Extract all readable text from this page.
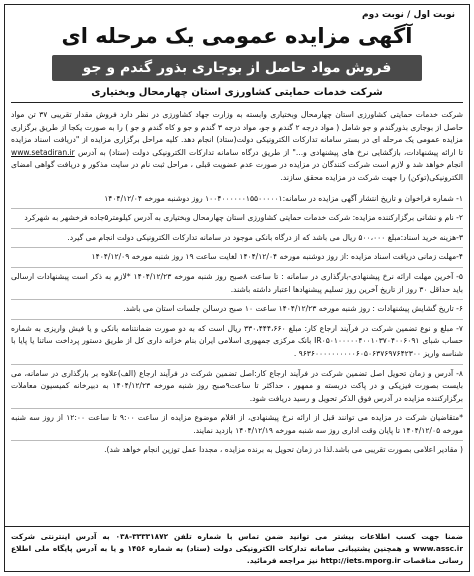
نوبت اول / نوبت دوم
آگهی مزایده عمومی یک مرحله ای
فروش مواد حاصل از بوجاری بذور گندم و جو
شرکت خدمات حمایتی کشاورزی استان چهارمحال وبختیاری
شرکت خدمات حمایتی کشاورزی استان چهارمحال وبختیاری وابسته به وزارت جهاد کشاورزی در نظر دارد فروش مقدار تقریبی ۳۷ تن مواد حاصل از بوجاری بذورگندم و جو شامل ( مواد درجه ۲ گندم و جو، مواد درجه ۳ گندم و جو و کاه گندم و جو ) را به صورت یکجا از طریق برگزاری مزایده عمومی یک مرحله ای در بستر سامانه تدارکات الکترونیکی دولت(ستاد) انجام دهد. کلیه مراحل برگزاری مزایده از "دریافت اسناد مزایده تا ارائه پیشنهادات، بازگشایی نرخ های پیشنهادی و..." از طریق درگاه سامانه تدارکات الکترونیکی دولت (ستاد) به آدرس www.setadiran.ir انجام خواهد شد و لازم است شرکت کنندگان در مزایده در صورت عدم عضویت قبلی ، مراحل ثبت نام در سایت مذکور و دریافت گواهی امضای الکترونیکی(توکن) را جهت شرکت در مزایده محقق سازند.
۱- شماره فراخوان و تاریخ انتشار آگهی مزایده در سامانه:۱۰۰۴۰۰۰۰۰۰۱۵۵۰۰۰۰۰۱ روز دوشنبه مورخه ۱۴۰۴/۱۲/۰۴
۲- نام و نشانی برگزارکننده مزایده: شرکت خدمات حمایتی کشاورزی استان چهارمحال وبختیاری به آدرس کیلومتر۵جاده فرخشهر به شهرکرد
۳-هزینه خرید اسناد:مبلغ ۵۰۰،۰۰۰ ریال می باشد که از درگاه بانکی موجود در سامانه تدارکات الکترونیکی دولت انجام می گیرد.
۴-مهلت زمانی دریافت اسناد مزایده :از روز دوشنبه مورخه ۱۴۰۴/۱۲/۰۴ لغایت ساعت ۱۹ روز شنبه مورخه ۱۴۰۴/۱۲/۰۹
۵- آخرین مهلت ارائه نرخ پیشنهادی-بارگذاری در سامانه : تا ساعت ۸صبح روز شنبه مورخه ۱۴۰۴/۱۲/۲۳ *لازم به ذکر است پیشنهادات ارسالی باید حداقل ۳۰ روز از تاریخ آخرین روز تسلیم پیشنهادها اعتبار داشته باشند.
۶- تاریخ گشایش پیشنهادات : روز شنبه مورخه ۱۴۰۴/۱۲/۲۳ ساعت ۱۰ صبح درسالن جلسات استان می باشد.
۷- مبلغ و نوع تضمین شرکت در فرآیند ارجاع کار: مبلغ ۳۳۰،۴۴۴،۶۶۰ ریال است که به دو صورت ضمانتنامه بانکی و یا فیش واریزی به شماره حساب شبای IR۰۵۰۱۰۰۰۰۰۴۰۰۱۰۳۷۰۴۰۰۶۰۹۱ بانک مرکزی جمهوری اسلامی ایران بنام خزانه داری کل از طریق دستور پرداخت ساتنا یا پایا با شناسه واریز ۹۶۳۶۰۰۰۰۰۰۰۰۰۰۶۰۵۰۶۳۷۶۹۷۶۴۲۳۰۰ .
۸- آدرس و زمان تحویل اصل تضمین شرکت در فرآیند ارجاع کار:اصل تضمین شرکت در فرآیند ارجاع (الف)علاوه بر بارگذاری در سامانه، می بایست بصورت فیزیکی و در پاکت دربسته و ممهور ، حداکثر تا ساعت۹صبح روز شنبه مورخه ۱۴۰۴/۱۲/۲۳ به دبیرخانه کمیسیون معاملات برگزارکننده مزایده در آدرس فوق الذکر تحویل و رسید دریافت شود.
*متقاضیان شرکت در مزایده می توانند قبل از ارائه نرخ پیشنهادی، از اقلام موضوع مزایده از ساعت ۹:۰۰ تا ساعت ۱۲:۰۰ از روز سه شنبه مورخه ۱۴۰۴/۱۲/۰۵ تا پایان وقت اداری روز سه شنبه مورخه ۱۴۰۴/۱۲/۱۹ بازدید نمایند.
( مقادیر اعلامی بصورت تقریبی می باشد.لذا در زمان تحویل به برنده مزایده ، مجددا عمل توزین انجام خواهد شد).
ضمنا جهت کسب اطلاعات بیشتر می توانید ضمن تماس با شماره تلفن ۳۳۳۳۱۸۷۲-۰۳۸ به آدرس اینترنتی شرکت www.assc.ir و همچنین پشتیبانی سامانه تدارکات الکترونیکی دولت (ستاد) به شماره ۱۴۵۶ و یا به آدرس پایگاه ملی اطلاع رسانی مناقصات http://iets.mporg.ir نیز مراجعه فرمائید.
